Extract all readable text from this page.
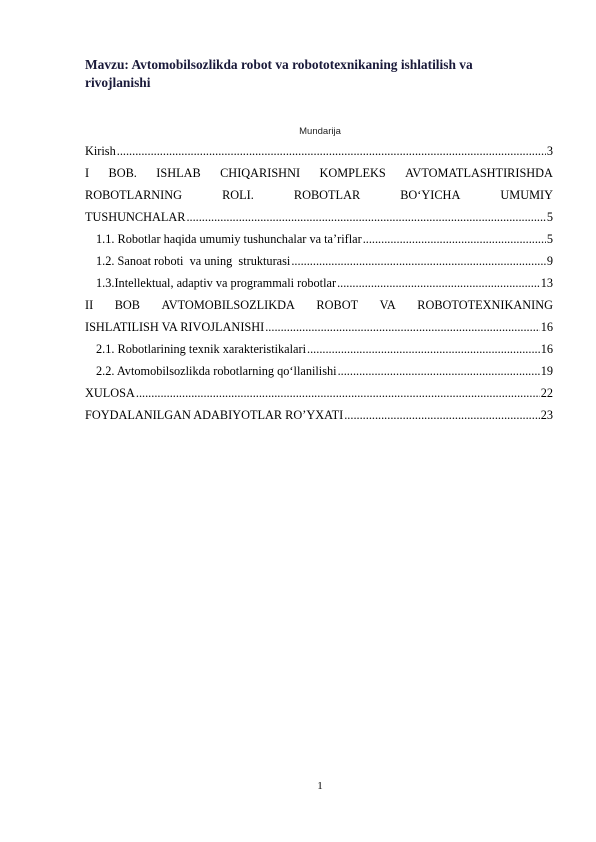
Mavzu: Avtomobilsozlikda robot va robototexnikaning ishlatilish va
rivojlanishi
Mundarija
Kirish .....	3
I BOB. ISHLAB CHIQARISHNI KOMPLEKS AVTOMATLASHTIRISHDA
ROBOTLARNING	ROLI.	ROBOTLAR	BO‘YICHA	UMUMIY
TUSHUNCHALAR .....	5
1.1. Robotlar haqida umumiy tushunchalar va ta’riflar .....	5
1.2. Sanoat roboti  va uning  strukturasi .....	9
1.3.Intellektual, adaptiv va programmali robotlar .....	13
II BOB AVTOMOBILSOZLIKDA ROBOT VA ROBOTOTEXNIKANING
ISHLATILISH VA RIVOJLANISHI .....	16
2.1. Robotlarining texnik xarakteristikalari .....	16
2.2. Avtomobilsozlikda robotlarning qo‘llanilishi .....	19
XULOSA .....	22
FOYDALANILGAN ADABIYOTLAR RO’YXATI .....	23
1
